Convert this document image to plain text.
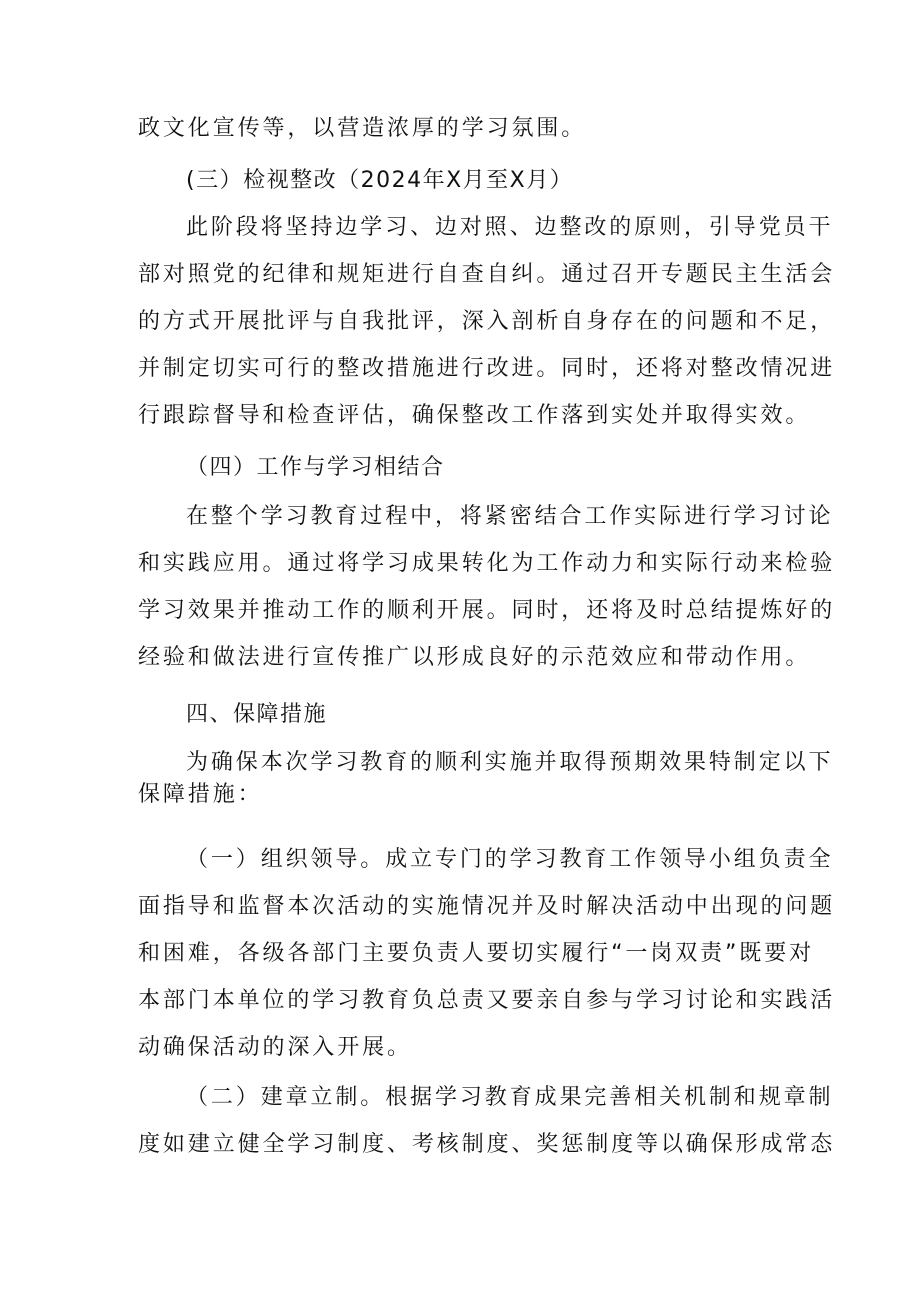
政文化宣传等，以营造浓厚的学习氛围。
(三）检视整改（2024年X月至X月）
此阶段将坚持边学习、边对照、边整改的原则，引导党员干
部对照党的纪律和规矩进行自查自纠。通过召开专题民主生活会
的方式开展批评与自我批评，深入剖析自身存在的问题和不足，
并制定切实可行的整改措施进行改进。同时，还将对整改情况进
行跟踪督导和检查评估，确保整改工作落到实处并取得实效。
（四）工作与学习相结合
在整个学习教育过程中，将紧密结合工作实际进行学习讨论
和实践应用。通过将学习成果转化为工作动力和实际行动来检验
学习效果并推动工作的顺利开展。同时，还将及时总结提炼好的
经验和做法进行宣传推广以形成良好的示范效应和带动作用。
四、保障措施
为确保本次学习教育的顺利实施并取得预期效果特制定以下
保障措施：
（一）组织领导。成立专门的学习教育工作领导小组负责全
面指导和监督本次活动的实施情况并及时解决活动中出现的问题
和困难，各级各部门主要负责人要切实履行“一岗双责”既要对
本部门本单位的学习教育负总责又要亲自参与学习讨论和实践活
动确保活动的深入开展。
（二）建章立制。根据学习教育成果完善相关机制和规章制
度如建立健全学习制度、考核制度、奖惩制度等以确保形成常态
